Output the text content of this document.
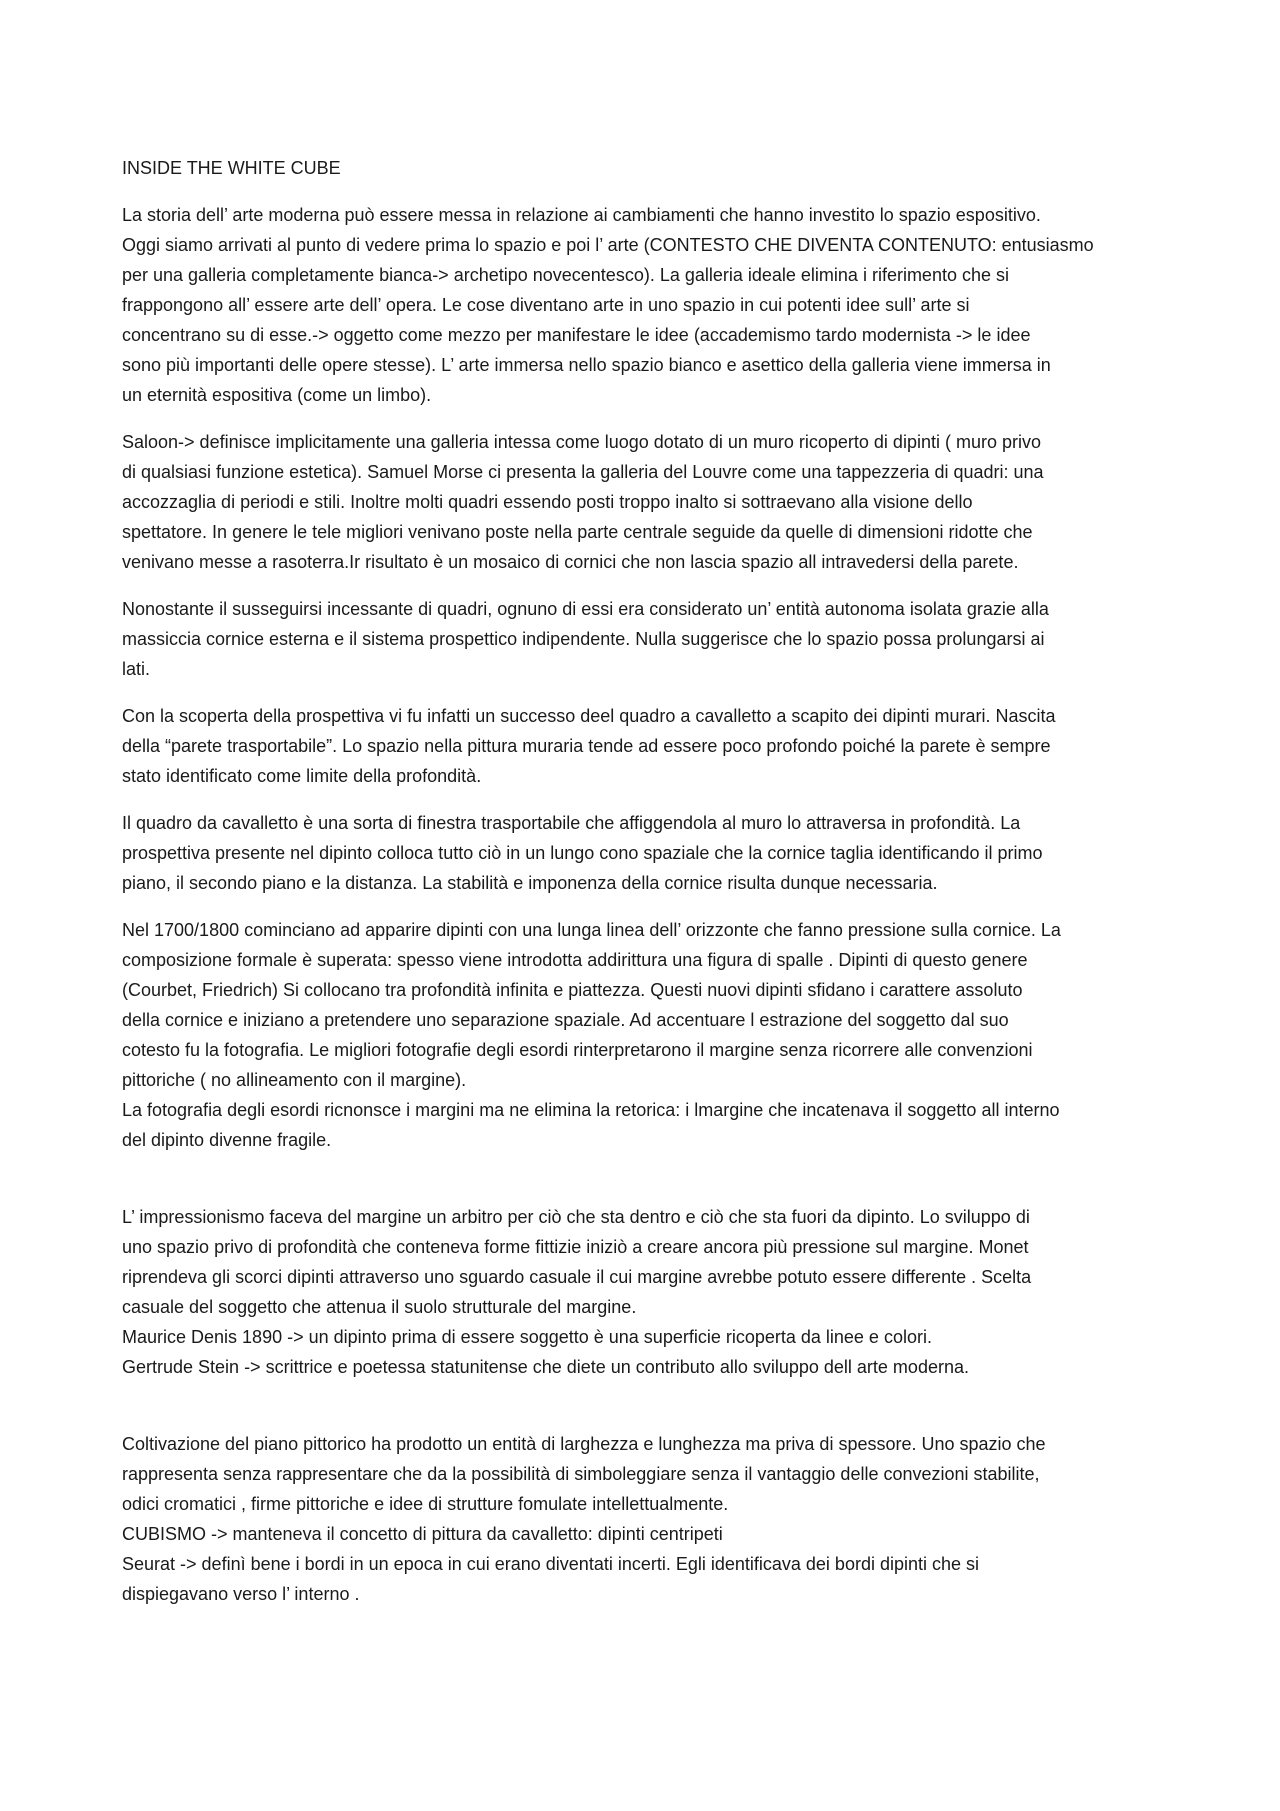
INSIDE THE WHITE CUBE
La storia dell’ arte moderna può essere messa in relazione ai cambiamenti che hanno investito lo spazio espositivo.
Oggi siamo arrivati al punto di vedere prima lo spazio e poi l’ arte (CONTESTO CHE DIVENTA CONTENUTO: entusiasmo
per una galleria completamente bianca-> archetipo novecentesco). La galleria ideale elimina i riferimento che si
frappongono all’ essere arte dell’ opera. Le cose diventano arte in uno spazio in cui potenti idee sull’ arte si
concentrano su di esse.-> oggetto come mezzo per manifestare le idee (accademismo tardo modernista -> le idee
sono più importanti delle opere stesse). L’ arte immersa nello spazio bianco e asettico della galleria viene immersa in
un eternità espositiva (come un limbo).
Saloon-> definisce implicitamente una galleria intessa come luogo dotato di un muro ricoperto di dipinti ( muro privo
di qualsiasi funzione estetica). Samuel Morse ci presenta la galleria del Louvre come una tappezzeria di quadri: una
accozzaglia di periodi e stili. Inoltre molti quadri essendo posti troppo inalto si sottraevano alla visione dello
spettatore. In genere le tele migliori venivano poste nella parte centrale seguide da quelle di dimensioni ridotte che
venivano messe a rasoterra.Ir risultato è un mosaico di cornici che non lascia spazio all intravedersi della parete.
Nonostante il susseguirsi incessante di quadri, ognuno di essi era considerato un’ entità autonoma isolata grazie alla
massiccia cornice esterna e il sistema prospettico indipendente. Nulla suggerisce che lo spazio possa prolungarsi ai
lati.
Con la scoperta della prospettiva vi fu infatti un successo deel quadro a cavalletto a scapito dei dipinti murari. Nascita
della “parete trasportabile”. Lo spazio nella pittura muraria tende ad essere poco profondo poiché la parete è sempre
stato identificato come limite della profondità.
Il quadro da cavalletto è una sorta di finestra trasportabile che affiggendola al muro lo attraversa in profondità. La
prospettiva presente nel dipinto colloca tutto ciò in un lungo cono spaziale che la cornice taglia identificando il primo
piano, il secondo piano e la distanza. La stabilità e imponenza della cornice risulta dunque necessaria.
Nel 1700/1800 cominciano ad apparire dipinti con una lunga linea dell’ orizzonte che fanno pressione sulla cornice. La
composizione formale è superata: spesso viene introdotta addirittura una figura di spalle . Dipinti di questo genere
(Courbet, Friedrich) Si collocano tra profondità infinita e piattezza. Questi nuovi dipinti sfidano i carattere assoluto
della cornice e iniziano a pretendere uno separazione spaziale. Ad accentuare l estrazione del soggetto dal suo
cotesto fu la fotografia. Le migliori fotografie degli esordi rinterpretarono il margine senza ricorrere alle convenzioni
pittoriche ( no allineamento con il margine).
La fotografia degli esordi ricnonsce i margini ma ne elimina la retorica: i lmargine che incatenava il soggetto all interno
del dipinto divenne fragile.
L’ impressionismo faceva del margine un arbitro per ciò che sta dentro e ciò che sta fuori da dipinto. Lo sviluppo di
uno spazio privo di profondità che conteneva forme fittizie iniziò a creare ancora più pressione sul margine. Monet
riprendeva gli scorci dipinti attraverso uno sguardo casuale il cui margine avrebbe potuto essere differente . Scelta
casuale del soggetto che attenua il suolo strutturale del margine.
Maurice Denis 1890 -> un dipinto prima di essere soggetto è una superficie ricoperta da linee e colori.
Gertrude Stein -> scrittrice e poetessa statunitense che diete un contributo allo sviluppo dell arte moderna.
Coltivazione del piano pittorico ha prodotto un entità di larghezza e lunghezza ma priva di spessore. Uno spazio che
rappresenta senza rappresentare che da la possibilità di simboleggiare senza il vantaggio delle convezioni stabilite,
odici cromatici , firme pittoriche e idee di strutture fomulate intellettualmente.
CUBISMO -> manteneva il concetto di pittura da cavalletto: dipinti centripeti
Seurat -> definì bene i bordi in un epoca in cui erano diventati incerti. Egli identificava dei bordi dipinti che si
dispiegavano verso l’ interno .
